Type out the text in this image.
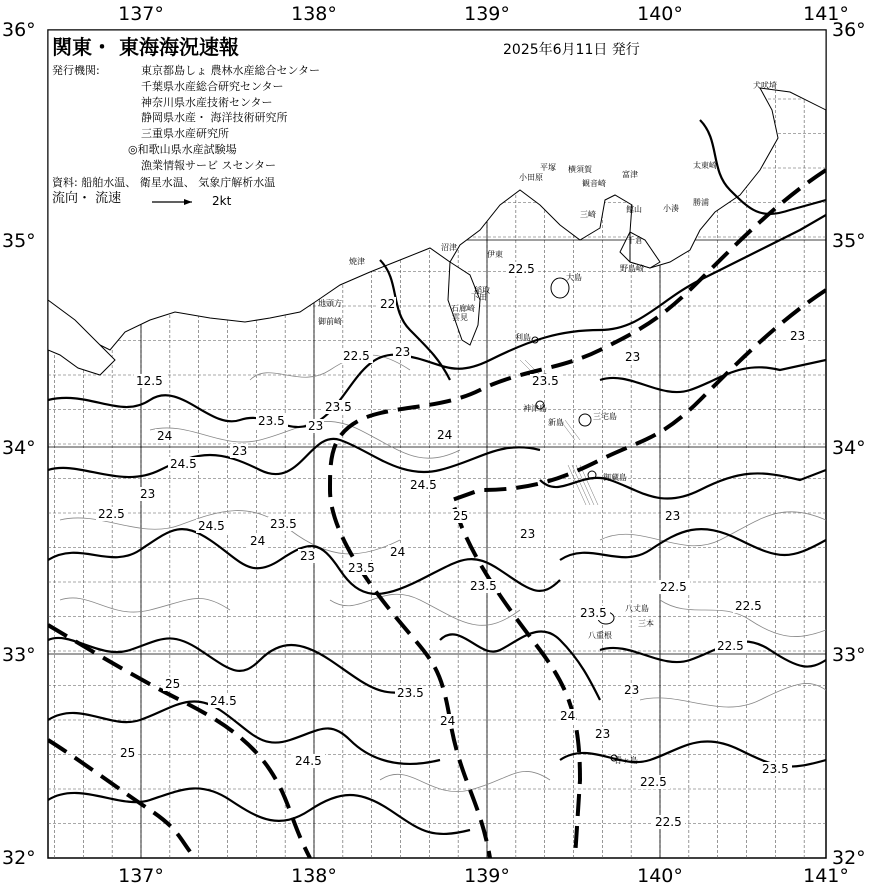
22
22.5 23
23.5
24
24.5
25
12.5
22.5
23
23.5
24
24.5
23
22.5
23
23.5
24
24.5
23
23.5
24
23.5
24
24.5
25
24.5
25
23
23.5
23
22.5
23
22.5
22.5
23.5
22.5
23
22.5
23.5
23
23
23.5
24
犬吠埼
太東崎
勝浦
小湊
館山
千倉
野島崎
富津
観音崎
三崎
横須賀
平塚
小田原
伊東
稲取
下田
石廊崎
雲見
沼津
焼津
地頭方
御前崎
利島
神津島
三宅島
御蔵島
八丈島
青ヶ島
三本
八重根
大島
新島
137°	138°	139°	140°	141°
137°	138°	139°	140°	141°
36°
35°
34°
33°
32°
36°
35°
34°
33°
32°
関東・ 東海海況速報	2025年6月11日 発行
発行機関:	東京都島しょ 農林水産総合センター
千葉県水産総合研究センター
神奈川県水産技術センター
静岡県水産・ 海洋技術研究所
三重県水産研究所
◎和歌山県水産試験場
漁業情報サービ スセンター
資料: 船舶水温、 衛星水温、 気象庁解析水温
流向・ 流速	2kt
